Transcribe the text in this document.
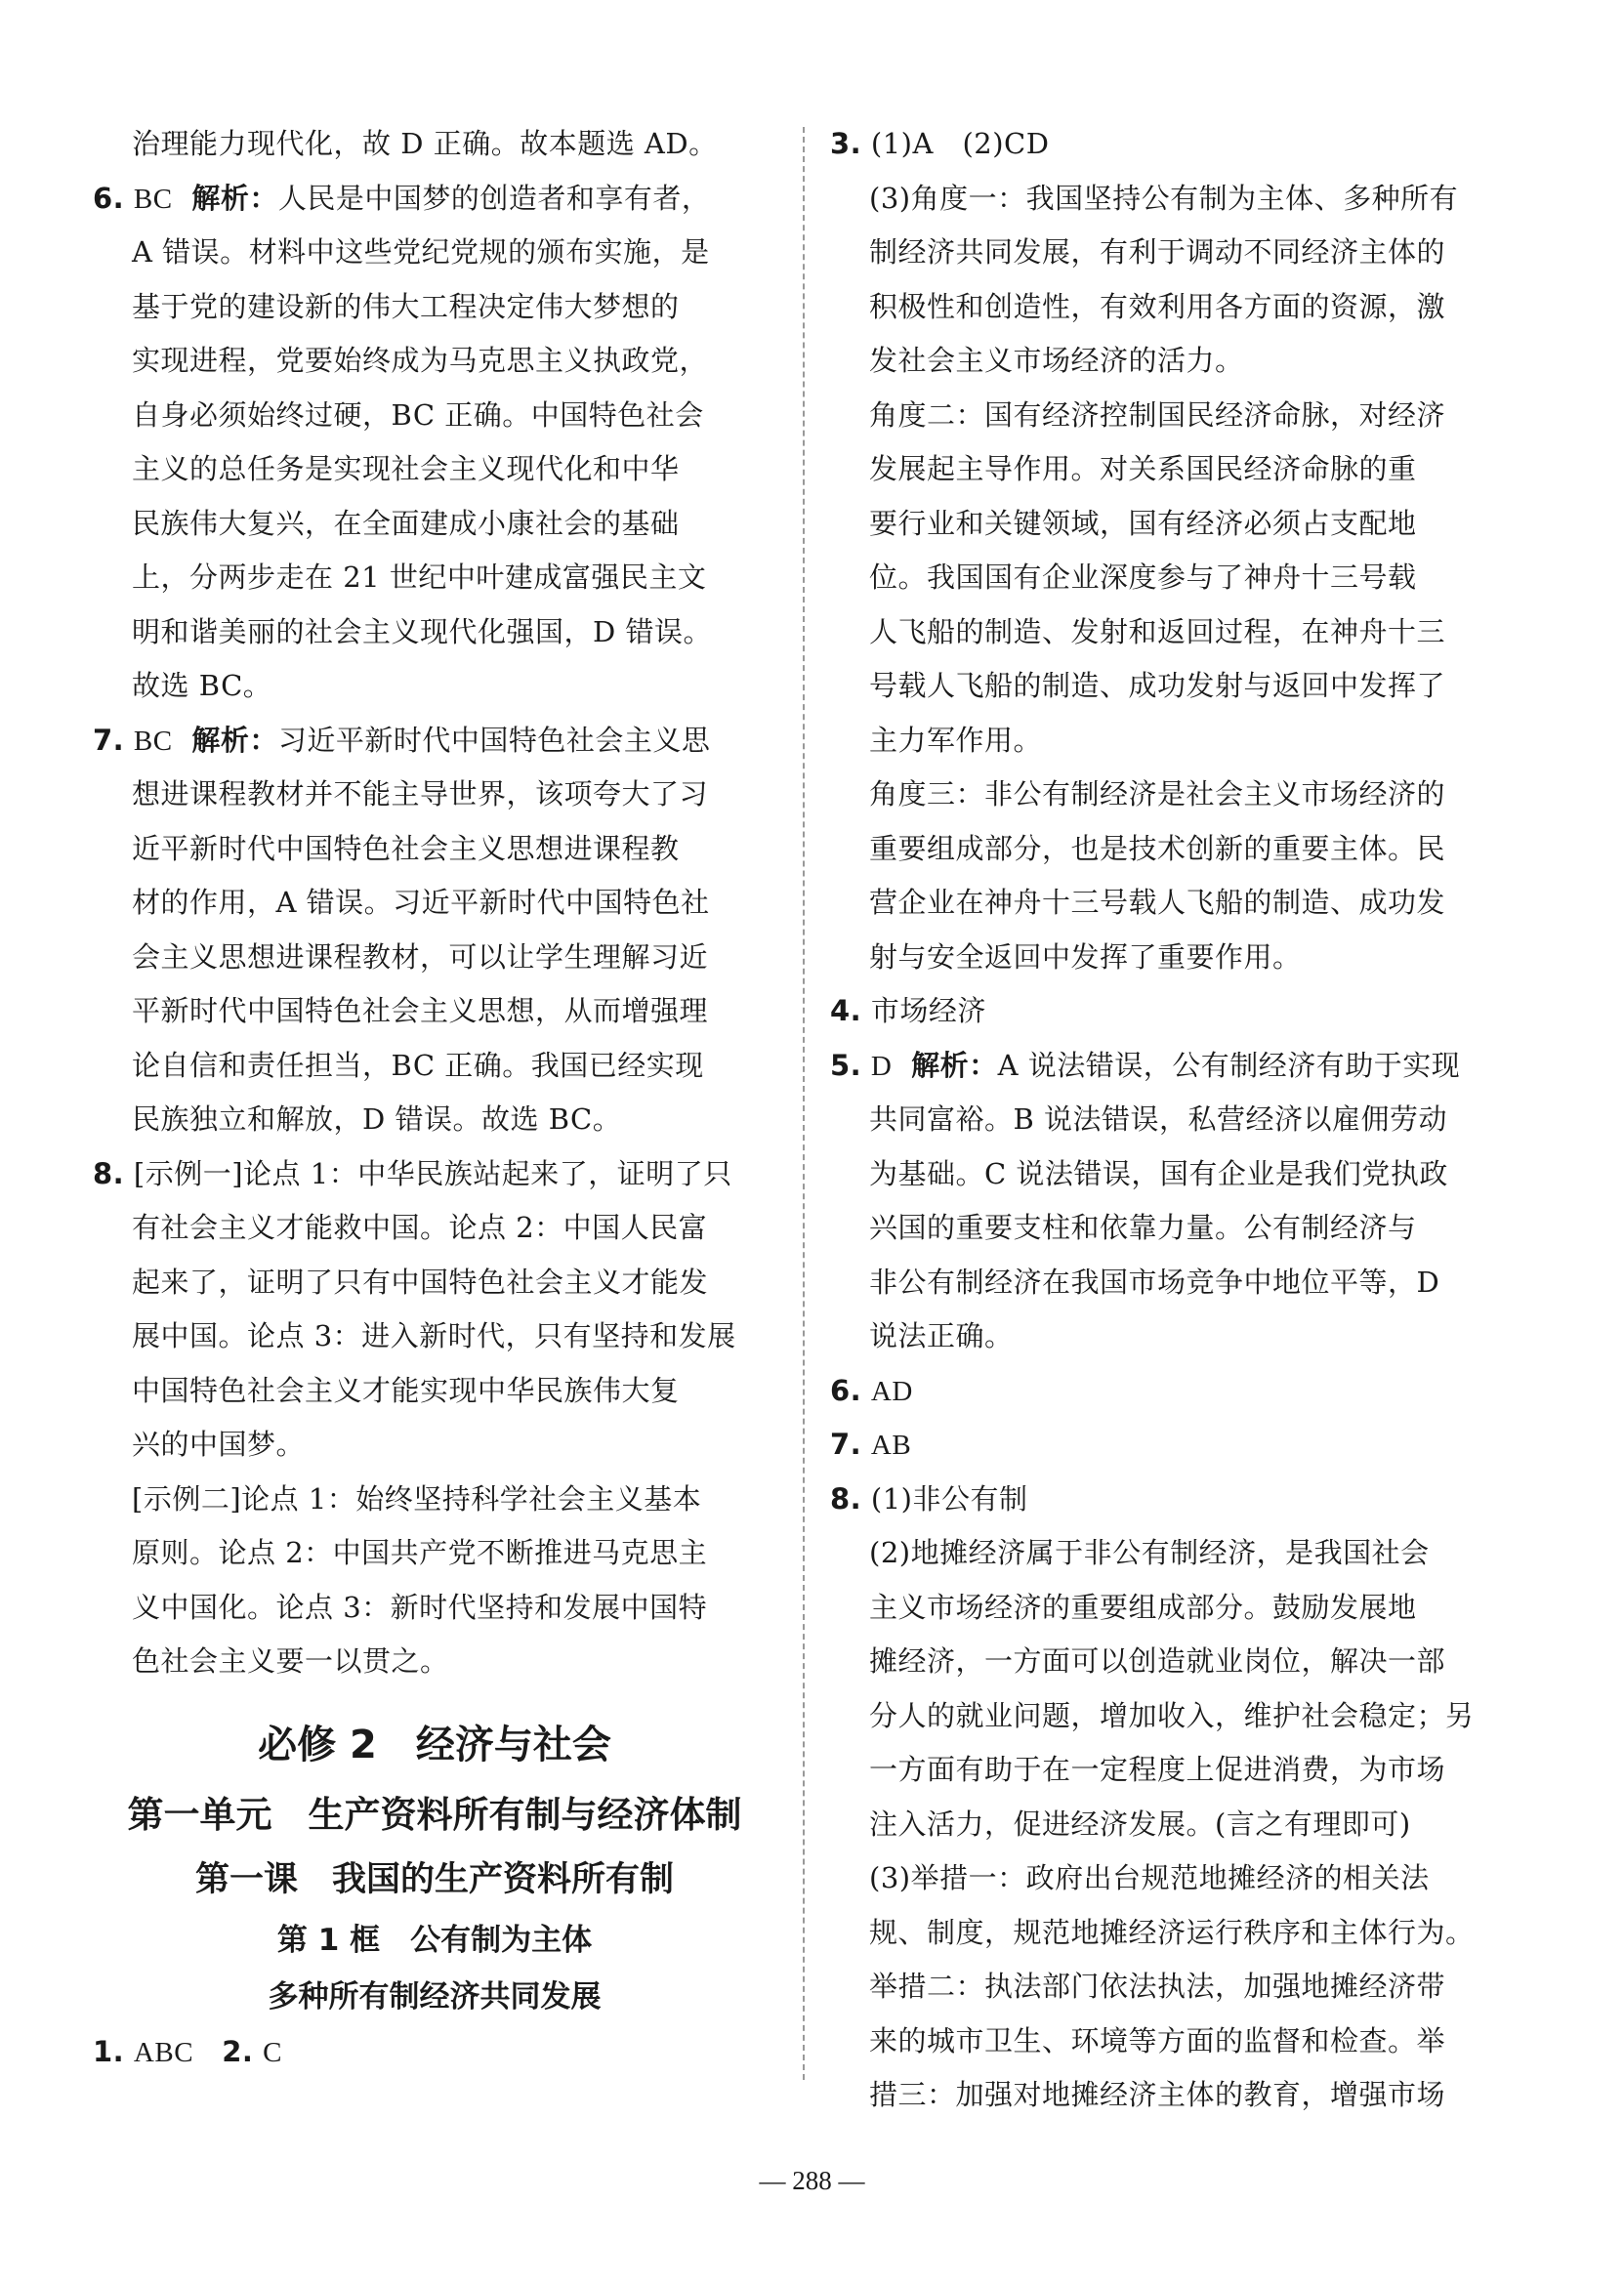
治理能力现代化，故 D 正确。故本题选 AD。
6. BC 解析：人民是中国梦的创造者和享有者，
A 错误。材料中这些党纪党规的颁布实施，是
基于党的建设新的伟大工程决定伟大梦想的
实现进程，党要始终成为马克思主义执政党，
自身必须始终过硬，BC 正确。中国特色社会
主义的总任务是实现社会主义现代化和中华
民族伟大复兴，在全面建成小康社会的基础
上，分两步走在 21 世纪中叶建成富强民主文
明和谐美丽的社会主义现代化强国，D 错误。
故选 BC。
7. BC 解析：习近平新时代中国特色社会主义思
想进课程教材并不能主导世界，该项夸大了习
近平新时代中国特色社会主义思想进课程教
材的作用，A 错误。习近平新时代中国特色社
会主义思想进课程教材，可以让学生理解习近
平新时代中国特色社会主义思想，从而增强理
论自信和责任担当，BC 正确。我国已经实现
民族独立和解放，D 错误。故选 BC。
8. [示例一]论点 1：中华民族站起来了，证明了只
有社会主义才能救中国。论点 2：中国人民富
起来了，证明了只有中国特色社会主义才能发
展中国。论点 3：进入新时代，只有坚持和发展
中国特色社会主义才能实现中华民族伟大复
兴的中国梦。
[示例二]论点 1：始终坚持科学社会主义基本
原则。论点 2：中国共产党不断推进马克思主
义中国化。论点 3：新时代坚持和发展中国特
色社会主义要一以贯之。
必修 2　经济与社会
第一单元　生产资料所有制与经济体制
第一课　我国的生产资料所有制
第 1 框　公有制为主体
多种所有制经济共同发展
1. ABC 2. C
3. (1)A　(2)CD
(3)角度一：我国坚持公有制为主体、多种所有
制经济共同发展，有利于调动不同经济主体的
积极性和创造性，有效利用各方面的资源，激
发社会主义市场经济的活力。
角度二：国有经济控制国民经济命脉，对经济
发展起主导作用。对关系国民经济命脉的重
要行业和关键领域，国有经济必须占支配地
位。我国国有企业深度参与了神舟十三号载
人飞船的制造、发射和返回过程，在神舟十三
号载人飞船的制造、成功发射与返回中发挥了
主力军作用。
角度三：非公有制经济是社会主义市场经济的
重要组成部分，也是技术创新的重要主体。民
营企业在神舟十三号载人飞船的制造、成功发
射与安全返回中发挥了重要作用。
4. 市场经济
5. D 解析：A 说法错误，公有制经济有助于实现
共同富裕。B 说法错误，私营经济以雇佣劳动
为基础。C 说法错误，国有企业是我们党执政
兴国的重要支柱和依靠力量。公有制经济与
非公有制经济在我国市场竞争中地位平等，D
说法正确。
6. AD
7. AB
8. (1)非公有制
(2)地摊经济属于非公有制经济，是我国社会
主义市场经济的重要组成部分。鼓励发展地
摊经济，一方面可以创造就业岗位，解决一部
分人的就业问题，增加收入，维护社会稳定；另
一方面有助于在一定程度上促进消费，为市场
注入活力，促进经济发展。(言之有理即可)
(3)举措一：政府出台规范地摊经济的相关法
规、制度，规范地摊经济运行秩序和主体行为。
举措二：执法部门依法执法，加强地摊经济带
来的城市卫生、环境等方面的监督和检查。举
措三：加强对地摊经济主体的教育，增强市场
— 288 —
